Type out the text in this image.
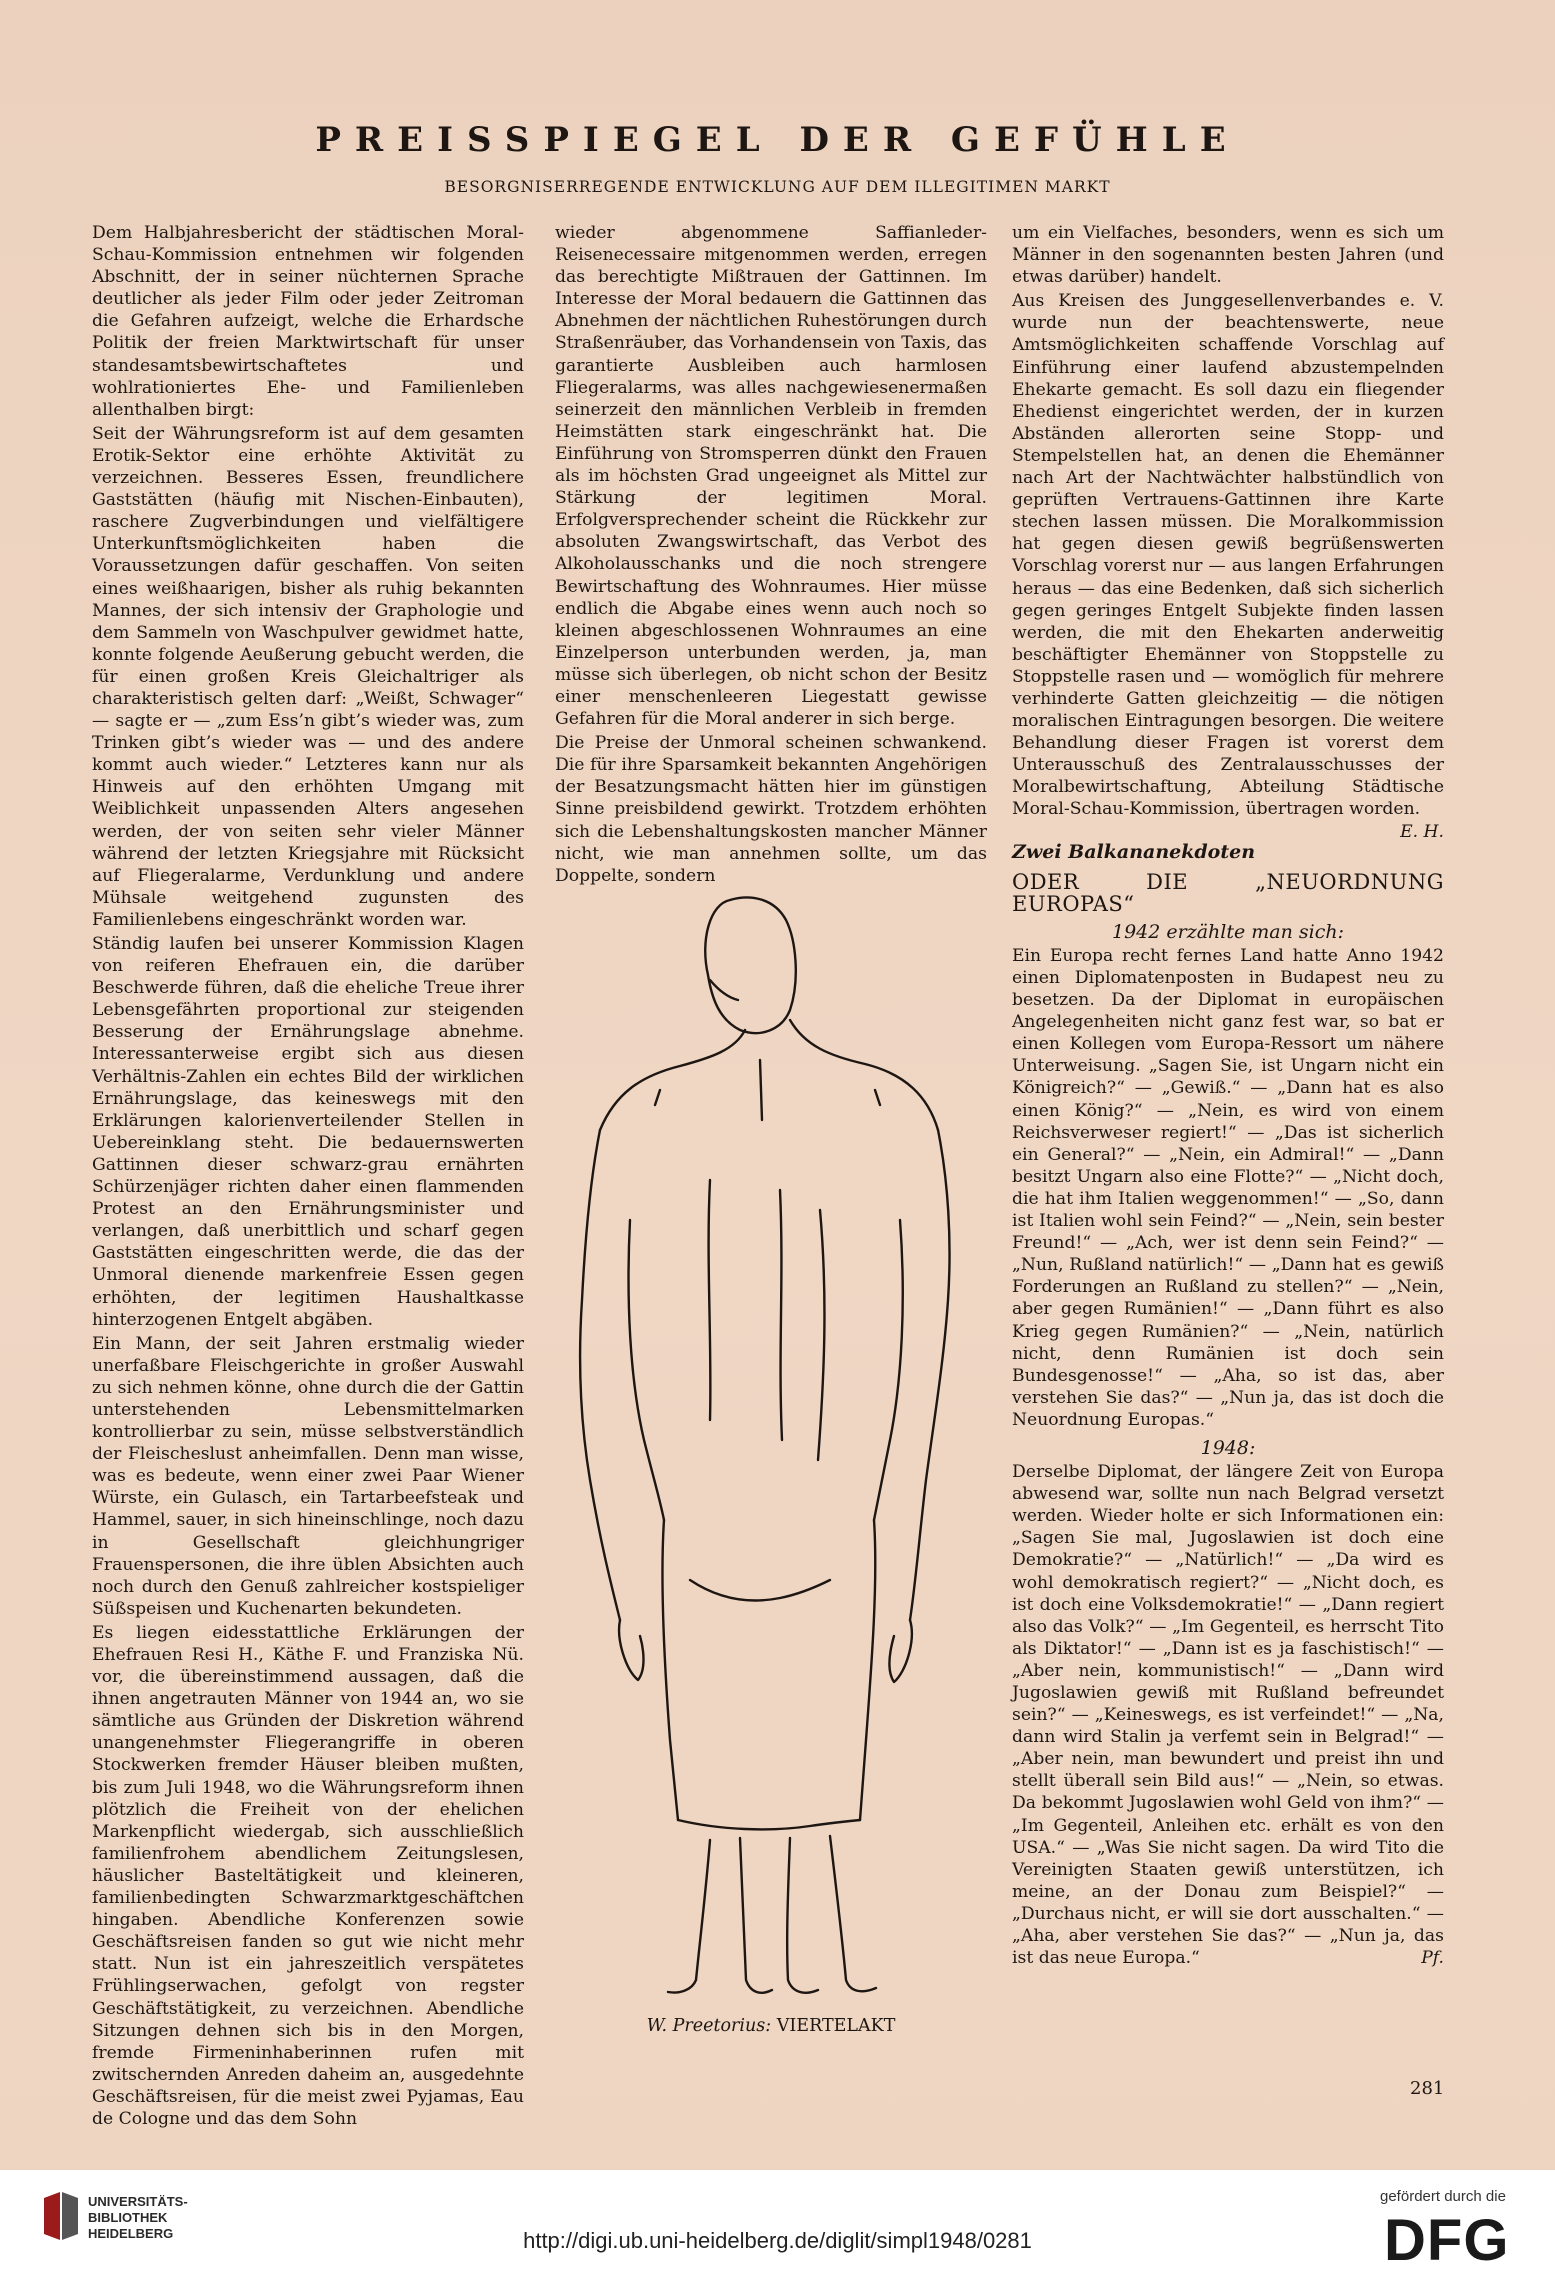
PREISSPIEGEL DER GEFÜHLE
BESORGNISERREGENDE ENTWICKLUNG AUF DEM ILLEGITIMEN MARKT

Dem Halbjahresbericht der städtischen Moral-Schau-Kommission entnehmen wir folgenden Abschnitt, der in seiner nüchternen Sprache deutlicher als jeder Film oder jeder Zeitroman die Gefahren aufzeigt, welche die Erhardsche Politik der freien Marktwirtschaft für unser standesamtsbewirtschaftetes und wohlrationiertes Ehe- und Familienleben allenthalben birgt:

Seit der Währungsreform ist auf dem gesamten Erotik-Sektor eine erhöhte Aktivität zu verzeichnen. Besseres Essen, freundlichere Gaststätten (häufig mit Nischen-Einbauten), raschere Zugverbindungen und vielfältigere Unterkunftsmöglichkeiten haben die Voraussetzungen dafür geschaffen. Von seiten eines weißhaarigen, bisher als ruhig bekannten Mannes, der sich intensiv der Graphologie und dem Sammeln von Waschpulver gewidmet hatte, konnte folgende Aeußerung gebucht werden, die für einen großen Kreis Gleichaltriger als charakteristisch gelten darf: „Weißt, Schwager“ — sagte er — „zum Ess’n gibt’s wieder was, zum Trinken gibt’s wieder was — und des andere kommt auch wieder.“ Letzteres kann nur als Hinweis auf den erhöhten Umgang mit Weiblichkeit unpassenden Alters angesehen werden, der von seiten sehr vieler Männer während der letzten Kriegsjahre mit Rücksicht auf Fliegeralarme, Verdunklung und andere Mühsale weitgehend zugunsten des Familienlebens eingeschränkt worden war.

Ständig laufen bei unserer Kommission Klagen von reiferen Ehefrauen ein, die darüber Beschwerde führen, daß die eheliche Treue ihrer Lebensgefährten proportional zur steigenden Besserung der Ernährungslage abnehme. Interessanterweise ergibt sich aus diesen Verhältnis-Zahlen ein echtes Bild der wirklichen Ernährungslage, das keineswegs mit den Erklärungen kalorienverteilender Stellen in Uebereinklang steht. Die bedauernswerten Gattinnen dieser schwarz-grau ernährten Schürzenjäger richten daher einen flammenden Protest an den Ernährungsminister und verlangen, daß unerbittlich und scharf gegen Gaststätten eingeschritten werde, die das der Unmoral dienende markenfreie Essen gegen erhöhten, der legitimen Haushaltkasse hinterzogenen Entgelt abgäben.

Ein Mann, der seit Jahren erstmalig wieder unerfaßbare Fleischgerichte in großer Auswahl zu sich nehmen könne, ohne durch die der Gattin unterstehenden Lebensmittelmarken kontrollierbar zu sein, müsse selbstverständlich der Fleischeslust anheimfallen. Denn man wisse, was es bedeute, wenn einer zwei Paar Wiener Würste, ein Gulasch, ein Tartarbeefsteak und Hammel, sauer, in sich hineinschlinge, noch dazu in Gesellschaft gleichhungriger Frauenspersonen, die ihre üblen Absichten auch noch durch den Genuß zahlreicher kostspieliger Süßspeisen und Kuchenarten bekundeten.

Es liegen eidesstattliche Erklärungen der Ehefrauen Resi H., Käthe F. und Franziska Nü. vor, die übereinstimmend aussagen, daß die ihnen angetrauten Männer von 1944 an, wo sie sämtliche aus Gründen der Diskretion während unangenehmster Fliegerangriffe in oberen Stockwerken fremder Häuser bleiben mußten, bis zum Juli 1948, wo die Währungsreform ihnen plötzlich die Freiheit von der ehelichen Markenpflicht wiedergab, sich ausschließlich familienfrohem abendlichem Zeitungslesen, häuslicher Basteltätigkeit und kleineren, familienbedingten Schwarzmarktgeschäftchen hingaben. Abendliche Konferenzen sowie Geschäftsreisen fanden so gut wie nicht mehr statt. Nun ist ein jahreszeitlich verspätetes Frühlingserwachen, gefolgt von regster Geschäftstätigkeit, zu verzeichnen. Abendliche Sitzungen dehnen sich bis in den Morgen, fremde Firmeninhaberinnen rufen mit zwitschernden Anreden daheim an, ausgedehnte Geschäftsreisen, für die meist zwei Pyjamas, Eau de Cologne und das dem Sohn

wieder abgenommene Saffianleder-Reisenecessaire mitgenommen werden, erregen das berechtigte Mißtrauen der Gattinnen. Im Interesse der Moral bedauern die Gattinnen das Abnehmen der nächtlichen Ruhestörungen durch Straßenräuber, das Vorhandensein von Taxis, das garantierte Ausbleiben auch harmlosen Fliegeralarms, was alles nachgewiesenermaßen seinerzeit den männlichen Verbleib in fremden Heimstätten stark eingeschränkt hat. Die Einführung von Stromsperren dünkt den Frauen als im höchsten Grad ungeeignet als Mittel zur Stärkung der legitimen Moral. Erfolgversprechender scheint die Rückkehr zur absoluten Zwangswirtschaft, das Verbot des Alkoholausschanks und die noch strengere Bewirtschaftung des Wohnraumes. Hier müsse endlich die Abgabe eines wenn auch noch so kleinen abgeschlossenen Wohnraumes an eine Einzelperson unterbunden werden, ja, man müsse sich überlegen, ob nicht schon der Besitz einer menschenleeren Liegestatt gewisse Gefahren für die Moral anderer in sich berge.

Die Preise der Unmoral scheinen schwankend. Die für ihre Sparsamkeit bekannten Angehörigen der Besatzungsmacht hätten hier im günstigen Sinne preisbildend gewirkt. Trotzdem erhöhten sich die Lebenshaltungskosten mancher Männer nicht, wie man annehmen sollte, um das Doppelte, sondern

W. Preetorius: VIERTELAKT

um ein Vielfaches, besonders, wenn es sich um Männer in den sogenannten besten Jahren (und etwas darüber) handelt.

Aus Kreisen des Junggesellenverbandes e. V. wurde nun der beachtenswerte, neue Amtsmöglichkeiten schaffende Vorschlag auf Einführung einer laufend abzustempelnden Ehekarte gemacht. Es soll dazu ein fliegender Ehedienst eingerichtet werden, der in kurzen Abständen allerorten seine Stopp- und Stempelstellen hat, an denen die Ehemänner nach Art der Nachtwächter halbstündlich von geprüften Vertrauens-Gattinnen ihre Karte stechen lassen müssen. Die Moralkommission hat gegen diesen gewiß begrüßenswerten Vorschlag vorerst nur — aus langen Erfahrungen heraus — das eine Bedenken, daß sich sicherlich gegen geringes Entgelt Subjekte finden lassen werden, die mit den Ehekarten anderweitig beschäftigter Ehemänner von Stoppstelle zu Stoppstelle rasen und — womöglich für mehrere verhinderte Gatten gleichzeitig — die nötigen moralischen Eintragungen besorgen. Die weitere Behandlung dieser Fragen ist vorerst dem Unterausschuß des Zentralausschusses der Moralbewirtschaftung, Abteilung Städtische Moral-Schau-Kommission, übertragen worden.
E. H.

Zwei Balkananekdoten
ODER DIE „NEUORDNUNG EUROPAS“
1942 erzählte man sich:

Ein Europa recht fernes Land hatte Anno 1942 einen Diplomatenposten in Budapest neu zu besetzen. Da der Diplomat in europäischen Angelegenheiten nicht ganz fest war, so bat er einen Kollegen vom Europa-Ressort um nähere Unterweisung. „Sagen Sie, ist Ungarn nicht ein Königreich?“ — „Gewiß.“ — „Dann hat es also einen König?“ — „Nein, es wird von einem Reichsverweser regiert!“ — „Das ist sicherlich ein General?“ — „Nein, ein Admiral!“ — „Dann besitzt Ungarn also eine Flotte?“ — „Nicht doch, die hat ihm Italien weggenommen!“ — „So, dann ist Italien wohl sein Feind?“ — „Nein, sein bester Freund!“ — „Ach, wer ist denn sein Feind?“ — „Nun, Rußland natürlich!“ — „Dann hat es gewiß Forderungen an Rußland zu stellen?“ — „Nein, aber gegen Rumänien!“ — „Dann führt es also Krieg gegen Rumänien?“ — „Nein, natürlich nicht, denn Rumänien ist doch sein Bundesgenosse!“ — „Aha, so ist das, aber verstehen Sie das?“ — „Nun ja, das ist doch die Neuordnung Europas.“

1948:

Derselbe Diplomat, der längere Zeit von Europa abwesend war, sollte nun nach Belgrad versetzt werden. Wieder holte er sich Informationen ein: „Sagen Sie mal, Jugoslawien ist doch eine Demokratie?“ — „Natürlich!“ — „Da wird es wohl demokratisch regiert?“ — „Nicht doch, es ist doch eine Volksdemokratie!“ — „Dann regiert also das Volk?“ — „Im Gegenteil, es herrscht Tito als Diktator!“ — „Dann ist es ja faschistisch!“ — „Aber nein, kommunistisch!“ — „Dann wird Jugoslawien gewiß mit Rußland befreundet sein?“ — „Keineswegs, es ist verfeindet!“ — „Na, dann wird Stalin ja verfemt sein in Belgrad!“ — „Aber nein, man bewundert und preist ihn und stellt überall sein Bild aus!“ — „Nein, so etwas. Da bekommt Jugoslawien wohl Geld von ihm?“ — „Im Gegenteil, Anleihen etc. erhält es von den USA.“ — „Was Sie nicht sagen. Da wird Tito die Vereinigten Staaten gewiß unterstützen, ich meine, an der Donau zum Beispiel?“ — „Durchaus nicht, er will sie dort ausschalten.“ — „Aha, aber verstehen Sie das?“ — „Nun ja, das ist das neue Europa.“	Pf.

281
UNIVERSITÄTS-
BIBLIOTHEK
HEIDELBERG	http://digi.ub.uni-heidelberg.de/diglit/simpl1948/0281
gefördert durch die
DFG
